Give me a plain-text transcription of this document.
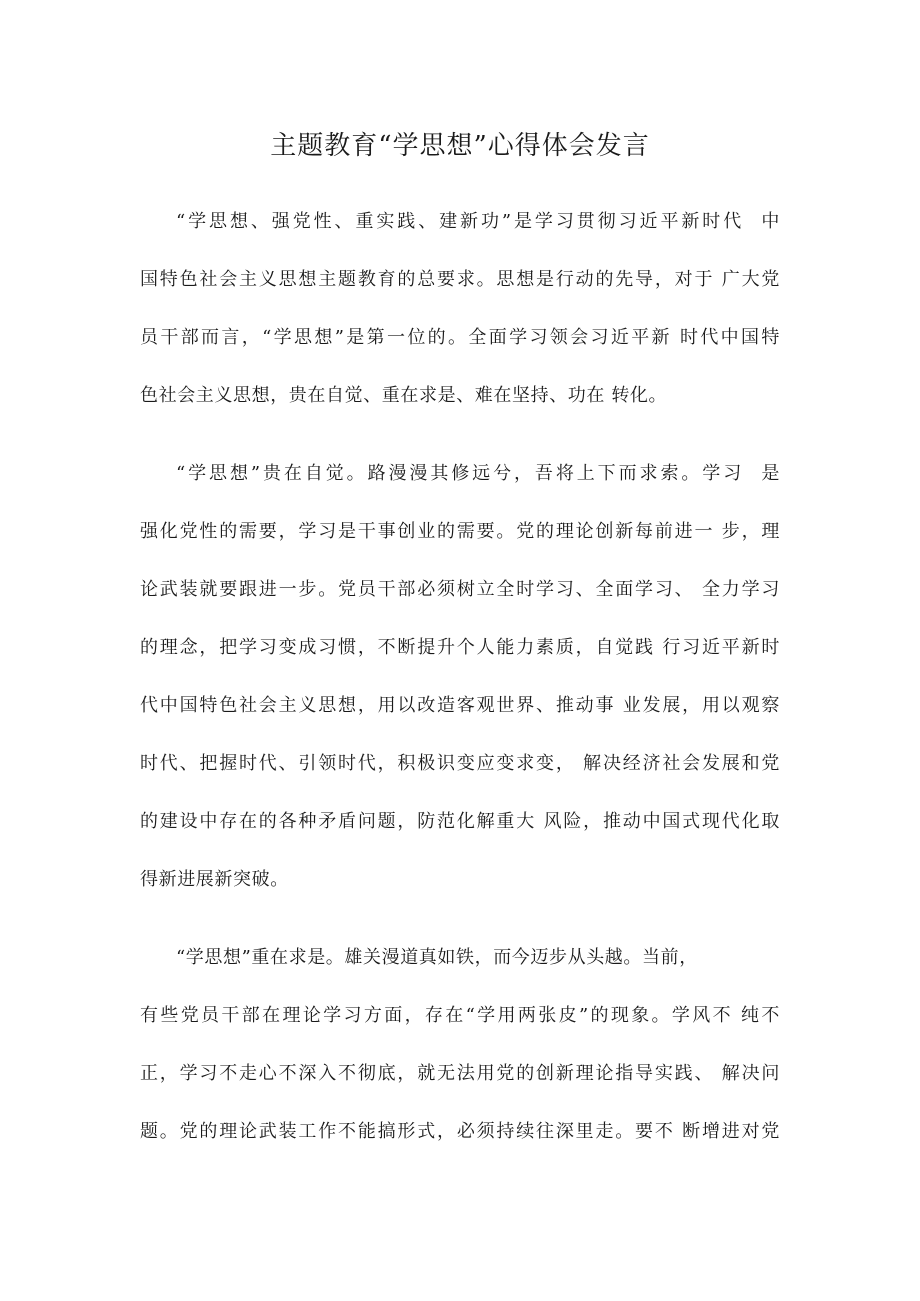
主题教育“学思想”心得体会发言
“学思想、强党性、重实践、建新功”是学习贯彻习近平新时代  中
国特色社会主义思想主题教育的总要求。思想是行动的先导，对于 广大党
员干部而言，“学思想”是第一位的。全面学习领会习近平新 时代中国特
色社会主义思想，贵在自觉、重在求是、难在坚持、功在 转化。
“学思想”贵在自觉。路漫漫其修远兮，吾将上下而求索。学习  是
强化党性的需要，学习是干事创业的需要。党的理论创新每前进一 步，理
论武装就要跟进一步。党员干部必须树立全时学习、全面学习、 全力学习
的理念，把学习变成习惯，不断提升个人能力素质，自觉践 行习近平新时
代中国特色社会主义思想，用以改造客观世界、推动事 业发展，用以观察
时代、把握时代、引领时代，积极识变应变求变， 解决经济社会发展和党
的建设中存在的各种矛盾问题，防范化解重大 风险，推动中国式现代化取
得新进展新突破。
“学思想”重在求是。雄关漫道真如铁，而今迈步从头越。当前，
有些党员干部在理论学习方面，存在“学用两张皮”的现象。学风不 纯不
正，学习不走心不深入不彻底，就无法用党的创新理论指导实践、 解决问
题。党的理论武装工作不能搞形式，必须持续往深里走。要不 断增进对党
